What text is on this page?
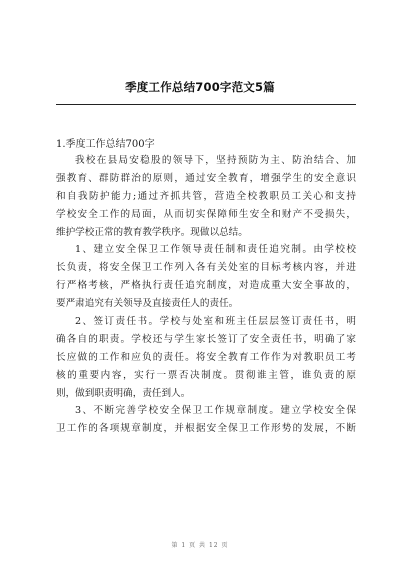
季度工作总结700字范文5篇
1.季度工作总结700字
我校在县局安稳股的领导下，坚持预防为主、防治结合、加
强教育、群防群治的原则，通过安全教育，增强学生的安全意识
和自我防护能力;通过齐抓共管，营造全校教职员工关心和支持
学校安全工作的局面，从而切实保障师生安全和财产不受损失，
维护学校正常的教育教学秩序。现做以总结。
1、建立安全保卫工作领导责任制和责任追究制。由学校校
长负责，将安全保卫工作列入各有关处室的目标考核内容，并进
行严格考核，严格执行责任追究制度，对造成重大安全事故的，
要严肃追究有关领导及直接责任人的责任。
2、签订责任书。学校与处室和班主任层层签订责任书，明
确各自的职责。学校还与学生家长签订了安全责任书，明确了家
长应做的工作和应负的责任。将安全教育工作作为对教职员工考
核的重要内容，实行一票否决制度。贯彻谁主管，谁负责的原
则，做到职责明确，责任到人。
3、不断完善学校安全保卫工作规章制度。建立学校安全保
卫工作的各项规章制度，并根据安全保卫工作形势的发展，不断
第 1 页 共 12 页
